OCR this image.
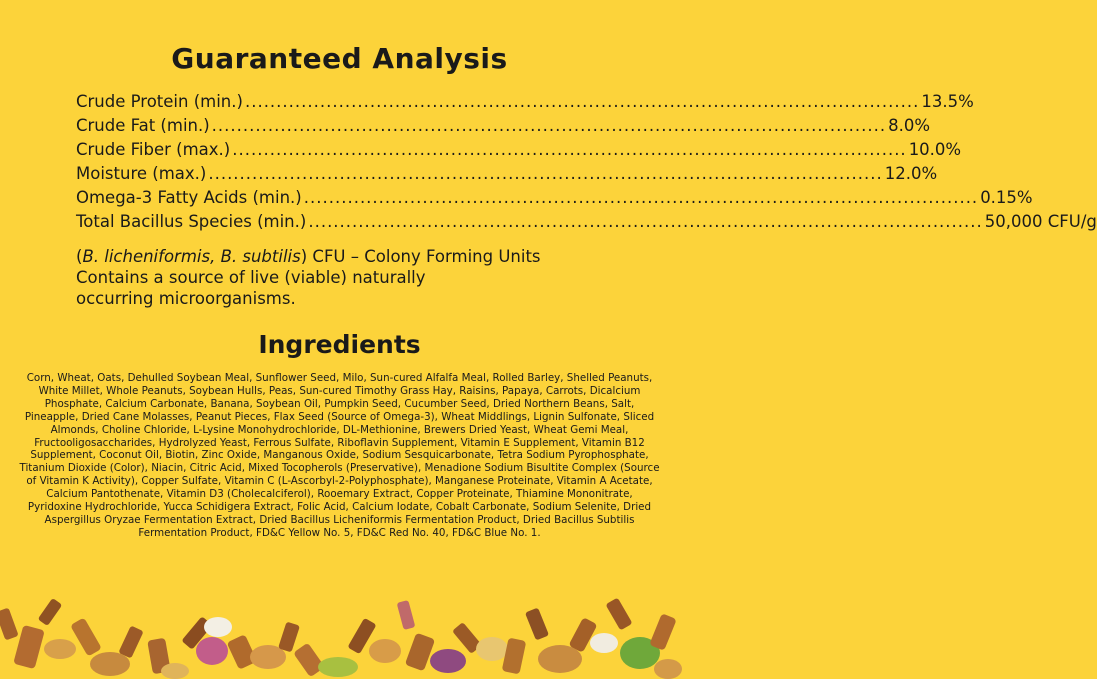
Guaranteed Analysis
Crude Protein (min.) ............................................................................................................ 13.5%
Crude Fat (min.) ............................................................................................................ 8.0%
Crude Fiber (max.) ............................................................................................................ 10.0%
Moisture (max.) ............................................................................................................ 12.0%
Omega-3 Fatty Acids (min.) ............................................................................................................ 0.15%
Total Bacillus Species (min.) ............................................................................................................ 50,000 CFU/g
(B. licheniformis, B. subtilis) CFU – Colony Forming Units
Contains a source of live (viable) naturally
occurring microorganisms.
Ingredients
Corn, Wheat, Oats, Dehulled Soybean Meal, Sunflower Seed, Milo, Sun-cured Alfalfa Meal, Rolled Barley, Shelled Peanuts, White Millet, Whole Peanuts, Soybean Hulls, Peas, Sun-cured Timothy Grass Hay, Raisins, Papaya, Carrots, Dicalcium Phosphate, Calcium Carbonate, Banana, Soybean Oil, Pumpkin Seed, Cucumber Seed, Dried Northern Beans, Salt, Pineapple, Dried Cane Molasses, Peanut Pieces, Flax Seed (Source of Omega-3), Wheat Middlings, Lignin Sulfonate, Sliced Almonds, Choline Chloride, L-Lysine Monohydrochloride, DL-Methionine, Brewers Dried Yeast, Wheat Gemi Meal, Fructooligosaccharides, Hydrolyzed Yeast, Ferrous Sulfate, Riboflavin Supplement, Vitamin E Supplement, Vitamin B12 Supplement, Coconut Oil, Biotin, Zinc Oxide, Manganous Oxide, Sodium Sesquicarbonate, Tetra Sodium Pyrophosphate, Titanium Dioxide (Color), Niacin, Citric Acid, Mixed Tocopherols (Preservative), Menadione Sodium Bisultite Complex (Source of Vitamin K Activity), Copper Sulfate, Vitamin C (L-Ascorbyl-2-Polyphosphate), Manganese Proteinate, Vitamin A Acetate, Calcium Pantothenate, Vitamin D3 (Cholecalciferol), Rooemary Extract, Copper Proteinate, Thiamine Mononitrate, Pyridoxine Hydrochloride, Yucca Schidigera Extract, Folic Acid, Calcium Iodate, Cobalt Carbonate, Sodium Selenite, Dried Aspergillus Oryzae Fermentation Extract, Dried Bacillus Licheniformis Fermentation Product, Dried Bacillus Subtilis Fermentation Product, FD&C Yellow No. 5, FD&C Red No. 40, FD&C Blue No. 1.
